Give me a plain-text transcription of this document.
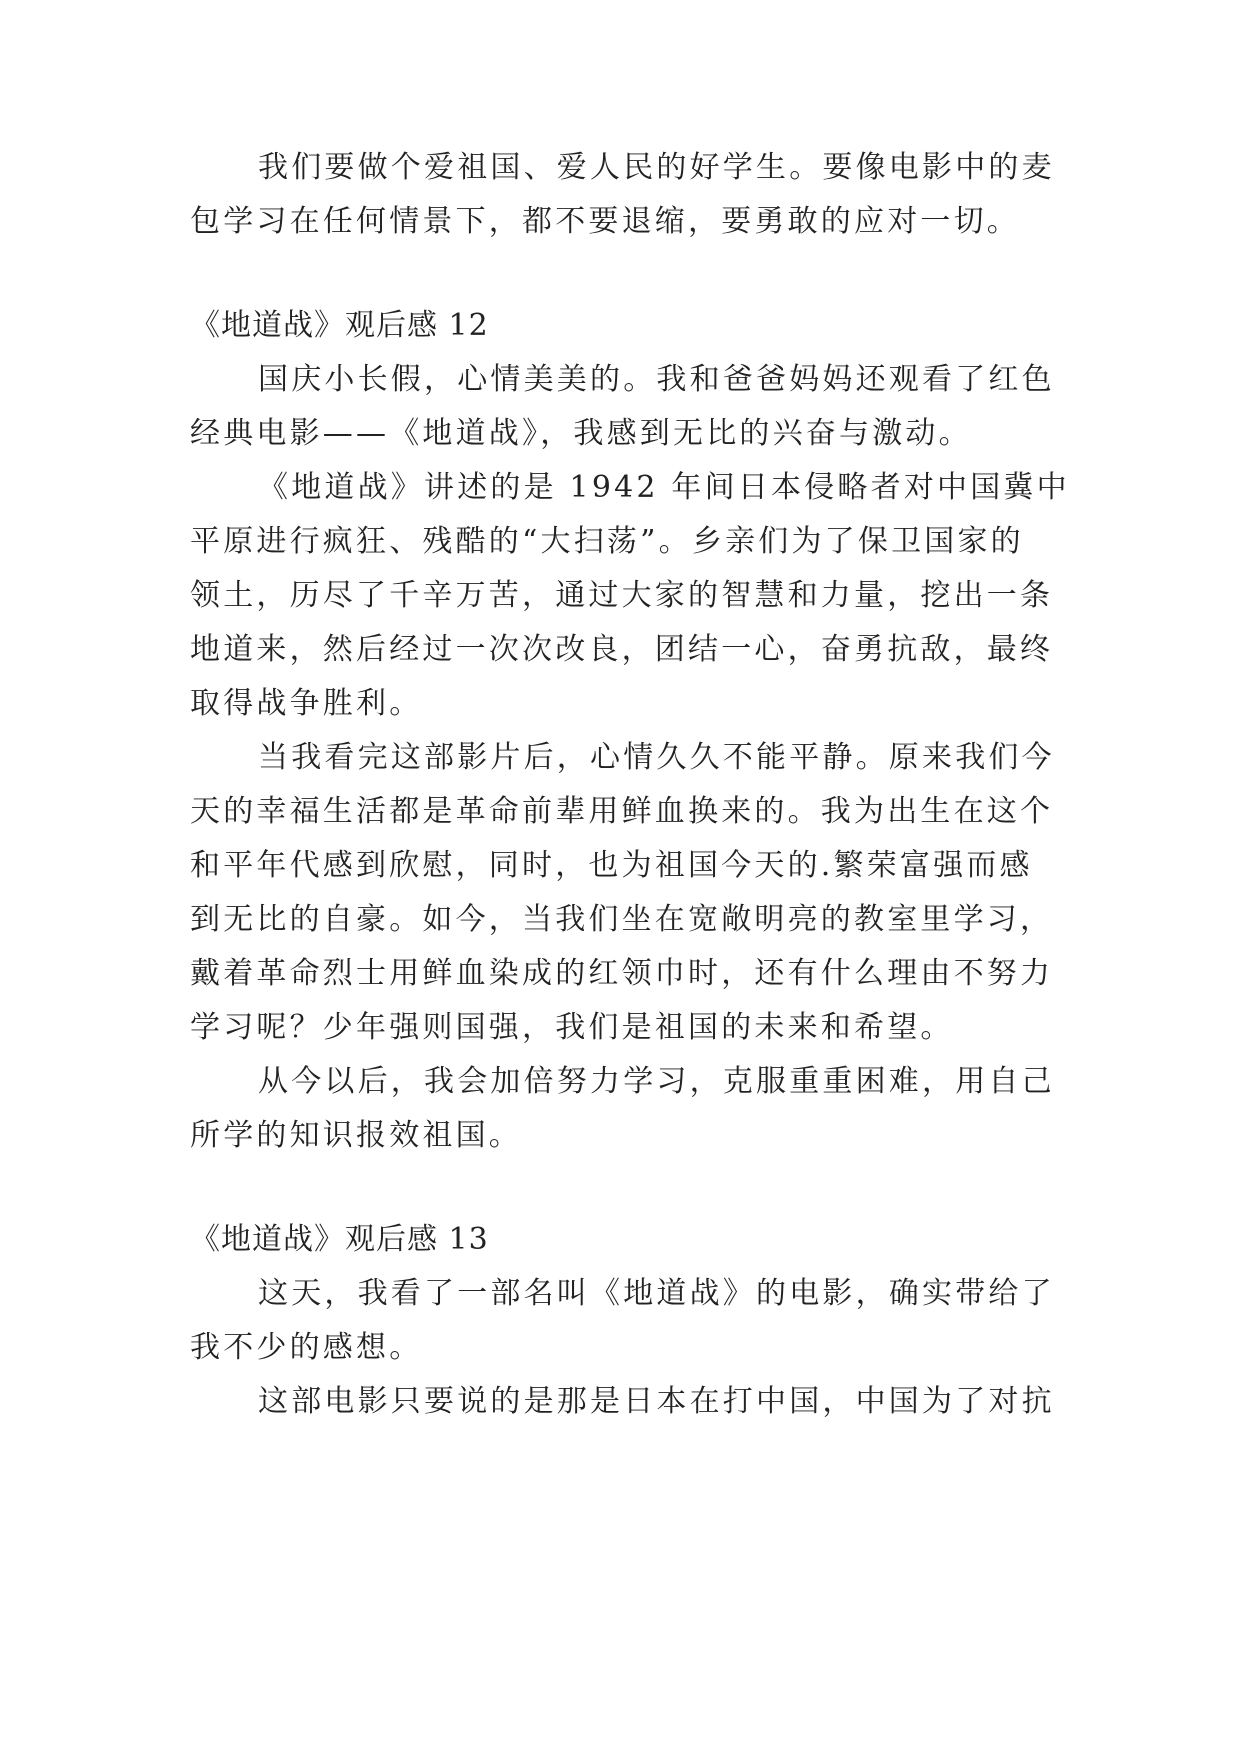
我们要做个爱祖国、爱人民的好学生。要像电影中的麦
包学习在任何情景下，都不要退缩，要勇敢的应对一切。
《地道战》观后感 12
国庆小长假，心情美美的。我和爸爸妈妈还观看了红色
经典电影——《地道战》，我感到无比的兴奋与激动。
《地道战》讲述的是 1942 年间日本侵略者对中国冀中
平原进行疯狂、残酷的“大扫荡”。乡亲们为了保卫国家的
领土，历尽了千辛万苦，通过大家的智慧和力量，挖出一条
地道来，然后经过一次次改良，团结一心，奋勇抗敌，最终
取得战争胜利。
当我看完这部影片后，心情久久不能平静。原来我们今
天的幸福生活都是革命前辈用鲜血换来的。我为出生在这个
和平年代感到欣慰，同时，也为祖国今天的.繁荣富强而感
到无比的自豪。如今，当我们坐在宽敞明亮的教室里学习，
戴着革命烈士用鲜血染成的红领巾时，还有什么理由不努力
学习呢？少年强则国强，我们是祖国的未来和希望。
从今以后，我会加倍努力学习，克服重重困难，用自己
所学的知识报效祖国。
《地道战》观后感 13
这天，我看了一部名叫《地道战》的电影，确实带给了
我不少的感想。
这部电影只要说的是那是日本在打中国，中国为了对抗
